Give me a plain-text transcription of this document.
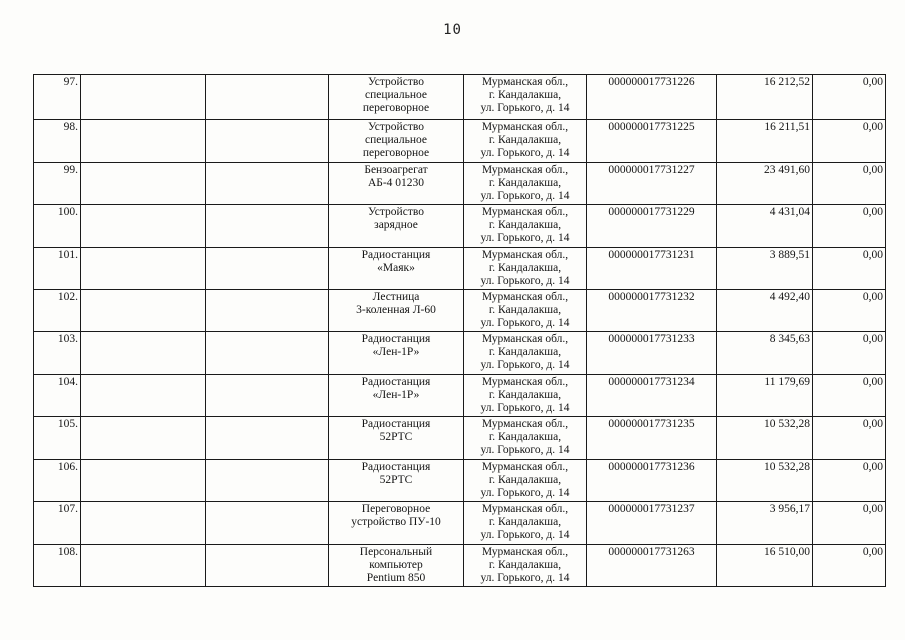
10
97.			Устройство
специальное
переговорное	Мурманская обл.,
г. Кандалакша,
ул. Горького, д. 14	000000017731226	16 212,52	0,00
98.			Устройство
специальное
переговорное	Мурманская обл.,
г. Кандалакша,
ул. Горького, д. 14	000000017731225	16 211,51	0,00
99.			Бензоагрегат
АБ-4 01230	Мурманская обл.,
г. Кандалакша,
ул. Горького, д. 14	000000017731227	23 491,60	0,00
100.			Устройство
зарядное	Мурманская обл.,
г. Кандалакша,
ул. Горького, д. 14	000000017731229	4 431,04	0,00
101.			Радиостанция
«Маяк»	Мурманская обл.,
г. Кандалакша,
ул. Горького, д. 14	000000017731231	3 889,51	0,00
102.			Лестница
3-коленная Л-60	Мурманская обл.,
г. Кандалакша,
ул. Горького, д. 14	000000017731232	4 492,40	0,00
103.			Радиостанция
«Лен-1Р»	Мурманская обл.,
г. Кандалакша,
ул. Горького, д. 14	000000017731233	8 345,63	0,00
104.			Радиостанция
«Лен-1Р»	Мурманская обл.,
г. Кандалакша,
ул. Горького, д. 14	000000017731234	11 179,69	0,00
105.			Радиостанция
52РТС	Мурманская обл.,
г. Кандалакша,
ул. Горького, д. 14	000000017731235	10 532,28	0,00
106.			Радиостанция
52РТС	Мурманская обл.,
г. Кандалакша,
ул. Горького, д. 14	000000017731236	10 532,28	0,00
107.			Переговорное
устройство ПУ-10	Мурманская обл.,
г. Кандалакша,
ул. Горького, д. 14	000000017731237	3 956,17	0,00
108.			Персональный
компьютер
Pentium 850	Мурманская обл.,
г. Кандалакша,
ул. Горького, д. 14	000000017731263	16 510,00	0,00
